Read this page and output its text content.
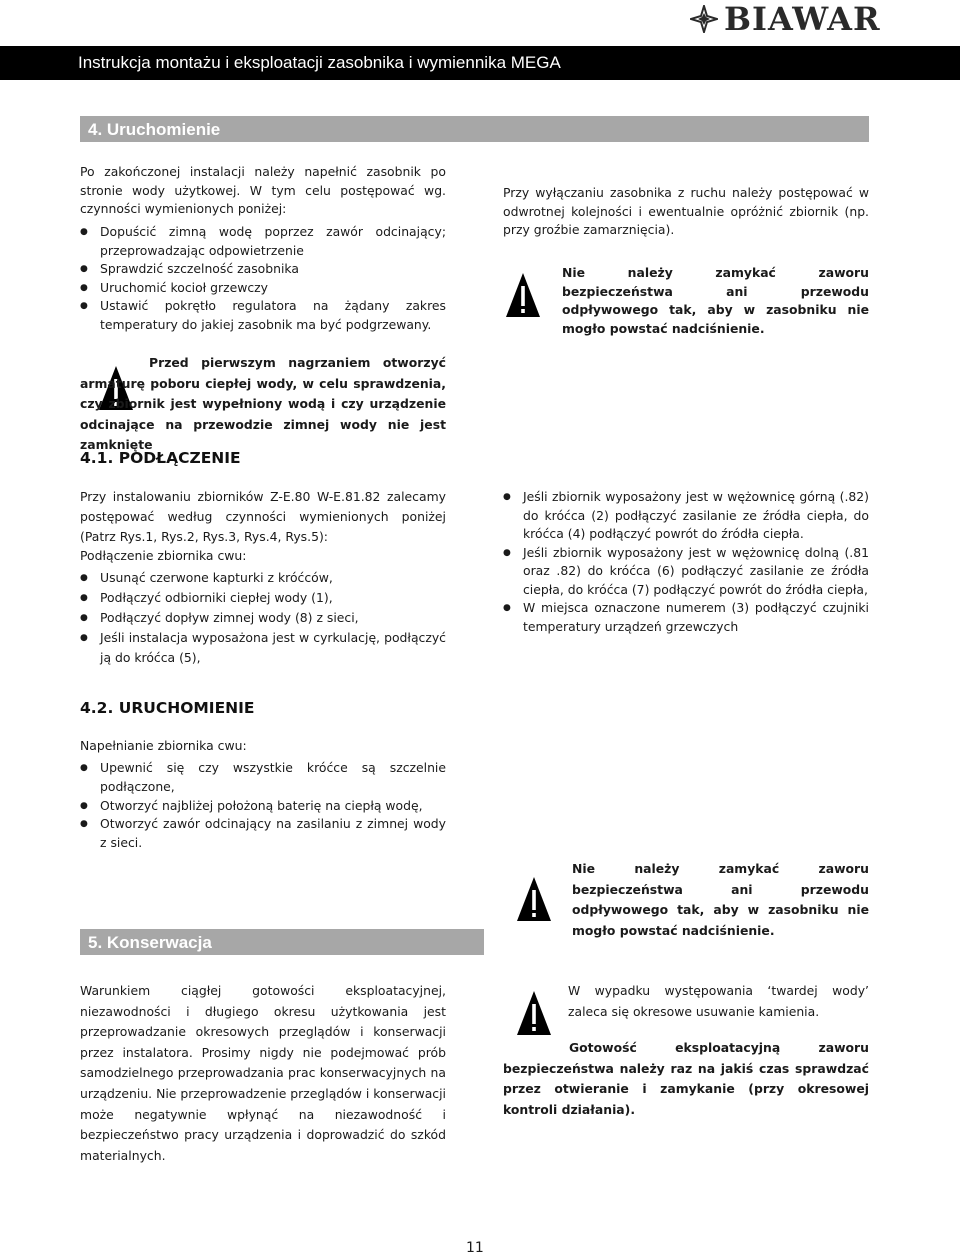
BIAWAR
Instrukcja montażu i eksploatacji zasobnika i wymiennika MEGA
4. Uruchomienie
Po zakończonej instalacji należy napełnić zasobnik po stronie wody użytkowej. W tym celu postępować wg. czynności wymienionych poniżej:
● Dopuścić zimną wodę poprzez zawór odcinający; przeprowadzając odpowietrzenie
● Sprawdzić szczelność zasobnika
● Uruchomić kocioł grzewczy
● Ustawić pokrętło regulatora na żądany zakres temperatury do jakiej zasobnik ma być podgrzewany.
Przy wyłączaniu zasobnika z ruchu należy postępować w odwrotnej kolejności i ewentualnie opróżnić zbiornik (np. przy groźbie zamarznięcia).
Nie należy zamykać zaworu bezpieczeństwa ani przewodu odpływowego tak, aby w zasobniku nie mogło powstać nadciśnienie.
Przed pierwszym nagrzaniem otworzyć armaturę poboru ciepłej wody, w celu sprawdzenia, czy zbiornik jest wypełniony wodą i czy urządzenie odcinające na przewodzie zimnej wody nie jest zamknięte
4.1. PODŁĄCZENIE
Przy instalowaniu zbiorników Z-E.80 W-E.81.82 zalecamy postępować według czynności wymienionych poniżej (Patrz Rys.1, Rys.2, Rys.3, Rys.4, Rys.5):
Podłączenie zbiornika cwu:
● Usunąć czerwone kapturki z króćców,
● Podłączyć odbiorniki ciepłej wody (1),
● Podłączyć dopływ zimnej wody (8) z sieci,
● Jeśli instalacja wyposażona jest w cyrkulację, podłączyć ją do króćca (5),
● Jeśli zbiornik wyposażony jest w wężownicę górną (.82) do króćca (2) podłączyć zasilanie ze źródła ciepła, do króćca (4) podłączyć powrót do źródła ciepła.
● Jeśli zbiornik wyposażony jest w wężownicę dolną (.81 oraz .82) do króćca (6) podłączyć zasilanie ze źródła ciepła, do króćca (7) podłączyć powrót do źródła ciepła,
● W miejsca oznaczone numerem (3) podłączyć czujniki temperatury urządzeń grzewczych
4.2. URUCHOMIENIE
Napełnianie zbiornika cwu:
● Upewnić się czy wszystkie króćce są szczelnie podłączone,
● Otworzyć najbliżej położoną baterię na ciepłą wodę,
● Otworzyć zawór odcinający na zasilaniu z zimnej wody z sieci.
Nie należy zamykać zaworu bezpieczeństwa ani przewodu odpływowego tak, aby w zasobniku nie mogło powstać nadciśnienie.
5. Konserwacja
Warunkiem ciągłej gotowości eksploatacyjnej, niezawodności i długiego okresu użytkowania jest przeprowadzanie okresowych przeglądów i konserwacji przez instalatora. Prosimy nigdy nie podejmować prób samodzielnego przeprowadzania prac konserwacyjnych na urządzeniu. Nie przeprowadzenie przeglądów i konserwacji może negatywnie wpłynąć na niezawodność i bezpieczeństwo pracy urządzenia i doprowadzić do szkód materialnych.
W wypadku występowania ‘twardej wody’ zaleca się okresowe usuwanie kamienia.
Gotowość eksploatacyjną zaworu bezpieczeństwa należy raz na jakiś czas sprawdzać przez otwieranie i zamykanie (przy okresowej kontroli działania).
11
